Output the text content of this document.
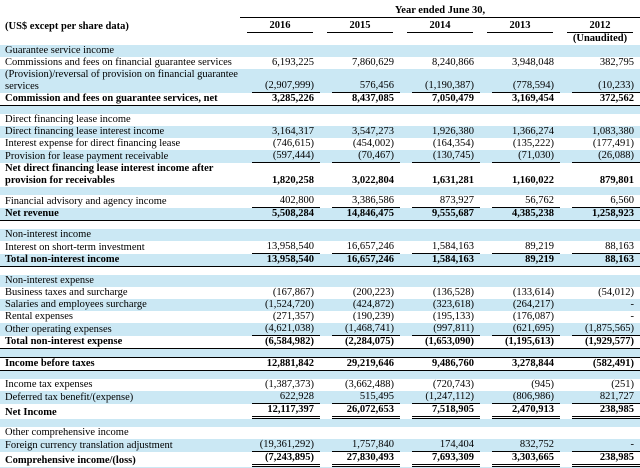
	Year ended June 30,				
(US$ except per share data)	2016	2015	2014	2013	2012

					(Unaudited)
Guarantee service income	

Commissions and fees on financial guarantee services	6,193,225	7,860,629	8,240,866	3,948,048	382,795

(Provision)/reversal of provision on financial guarantee services	(2,907,999)	576,456	(1,190,387)	(778,594)	(10,233)

Commission and fees on guarantee services, net	3,285,226	8,437,085	7,050,479	3,169,454	372,562

Direct financing lease income	

Direct financing lease interest income	3,164,317	3,547,273	1,926,380	1,366,274	1,083,380

Interest expense for direct financing lease	(746,615)	(454,002)	(164,354)	(135,222)	(177,491)

Provision for lease payment receivable	(597,444)	(70,467)	(130,745)	(71,030)	(26,088)

Net direct financing lease interest income after provision for receivables	1,820,258	3,022,804	1,631,281	1,160,022	879,801

Financial advisory and agency income	402,800	3,386,586	873,927	56,762	6,560

Net revenue	5,508,284	14,846,475	9,555,687	4,385,238	1,258,923

Non-interest income	

Interest on short-term investment	13,958,540	16,657,246	1,584,163	89,219	88,163

Total non-interest income	13,958,540	16,657,246	1,584,163	89,219	88,163

Non-interest expense	

Business taxes and surcharge	(167,867)	(200,223)	(136,528)	(133,614)	(54,012)

Salaries and employees surcharge	(1,524,720)	(424,872)	(323,618)	(264,217)	-

Rental expenses	(271,357)	(190,239)	(195,133)	(176,087)	-

Other operating expenses	(4,621,038)	(1,468,741)	(997,811)	(621,695)	(1,875,565)

Total non-interest expense	(6,584,982)	(2,284,075)	(1,653,090)	(1,195,613)	(1,929,577)

Income before taxes	12,881,842	29,219,646	9,486,760	3,278,844	(582,491)

Income tax expenses	(1,387,373)	(3,662,488)	(720,743)	(945)	(251)

Deferred tax benefit/(expense)	622,928	515,495	(1,247,112)	(806,986)	821,727

Net Income	12,117,397	26,072,653	7,518,905	2,470,913	238,985

Other comprehensive income	

Foreign currency translation adjustment	(19,361,292)	1,757,840	174,404	832,752	-

Comprehensive income/(loss)	(7,243,895)	27,830,493	7,693,309	3,303,665	238,985
